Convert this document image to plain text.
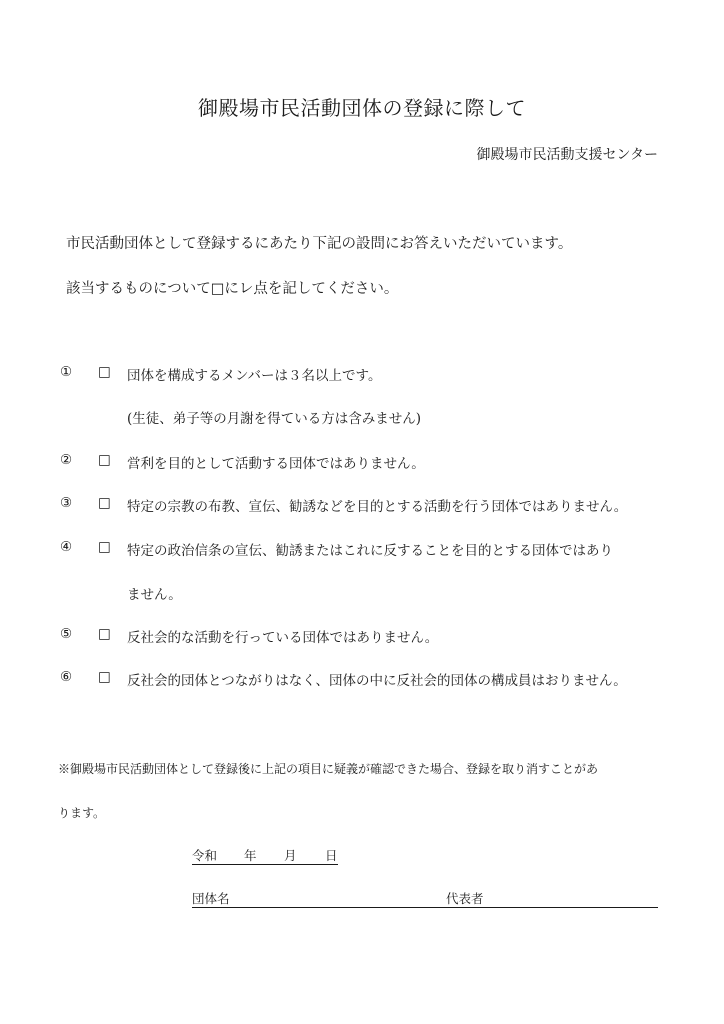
御殿場市民活動団体の登録に際して
御殿場市民活動支援センター
市民活動団体として登録するにあたり下記の設問にお答えいただいています。
該当するものについて□にレ点を記してください。
① □ 団体を構成するメンバーは３名以上です。
(生徒、弟子等の月謝を得ている方は含みません)
② □ 営利を目的として活動する団体ではありません。
③ □ 特定の宗教の布教、宣伝、勧誘などを目的とする活動を行う団体ではありません。
④ □ 特定の政治信条の宣伝、勧誘またはこれに反することを目的とする団体ではあり
ません。
⑤ □ 反社会的な活動を行っている団体ではありません。
⑥ □ 反社会的団体とつながりはなく、団体の中に反社会的団体の構成員はおりません。
※御殿場市民活動団体として登録後に上記の項目に疑義が確認できた場合、登録を取り消すことがあ
ります。
令和 年 月 日
団体名	代表者
